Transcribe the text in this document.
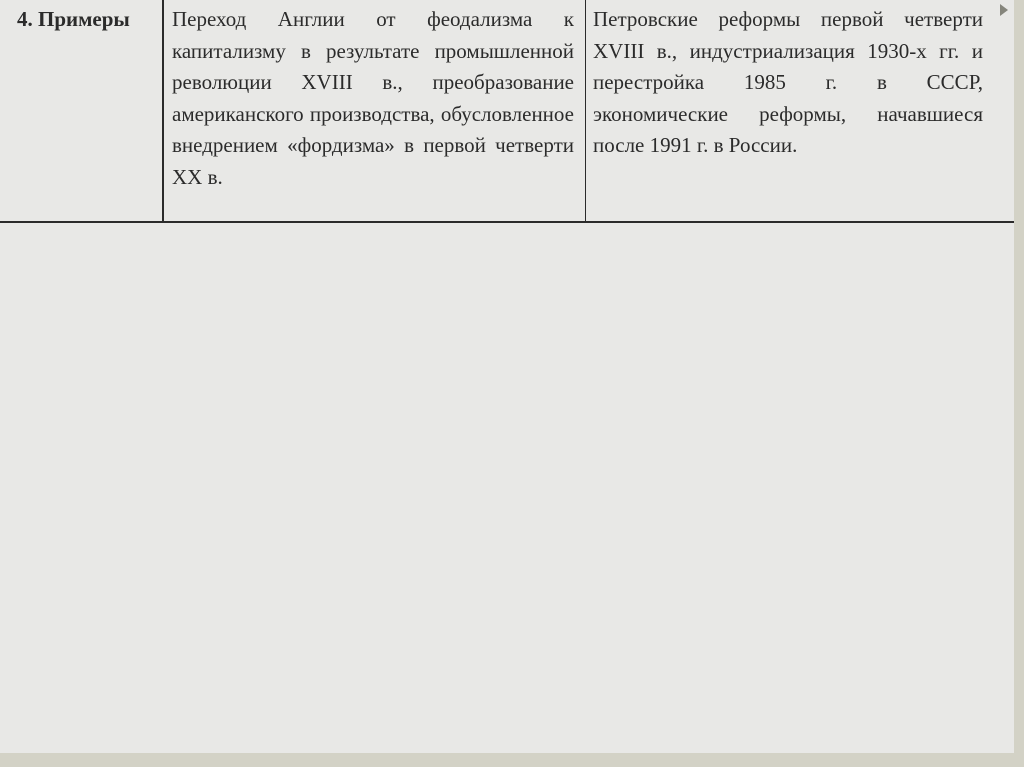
4. Примеры	Переход Англии от феодализма к капитализму в результате промышленной революции XVIII в., преобразование американского производства, обусловленное внедрением «фордизма» в первой четверти XX в.
Петровские реформы первой четверти XVIII в., индустриализация 1930-х гг. и перестройка 1985 г. в СССР, экономические реформы, начавшиеся после 1991 г. в России.
